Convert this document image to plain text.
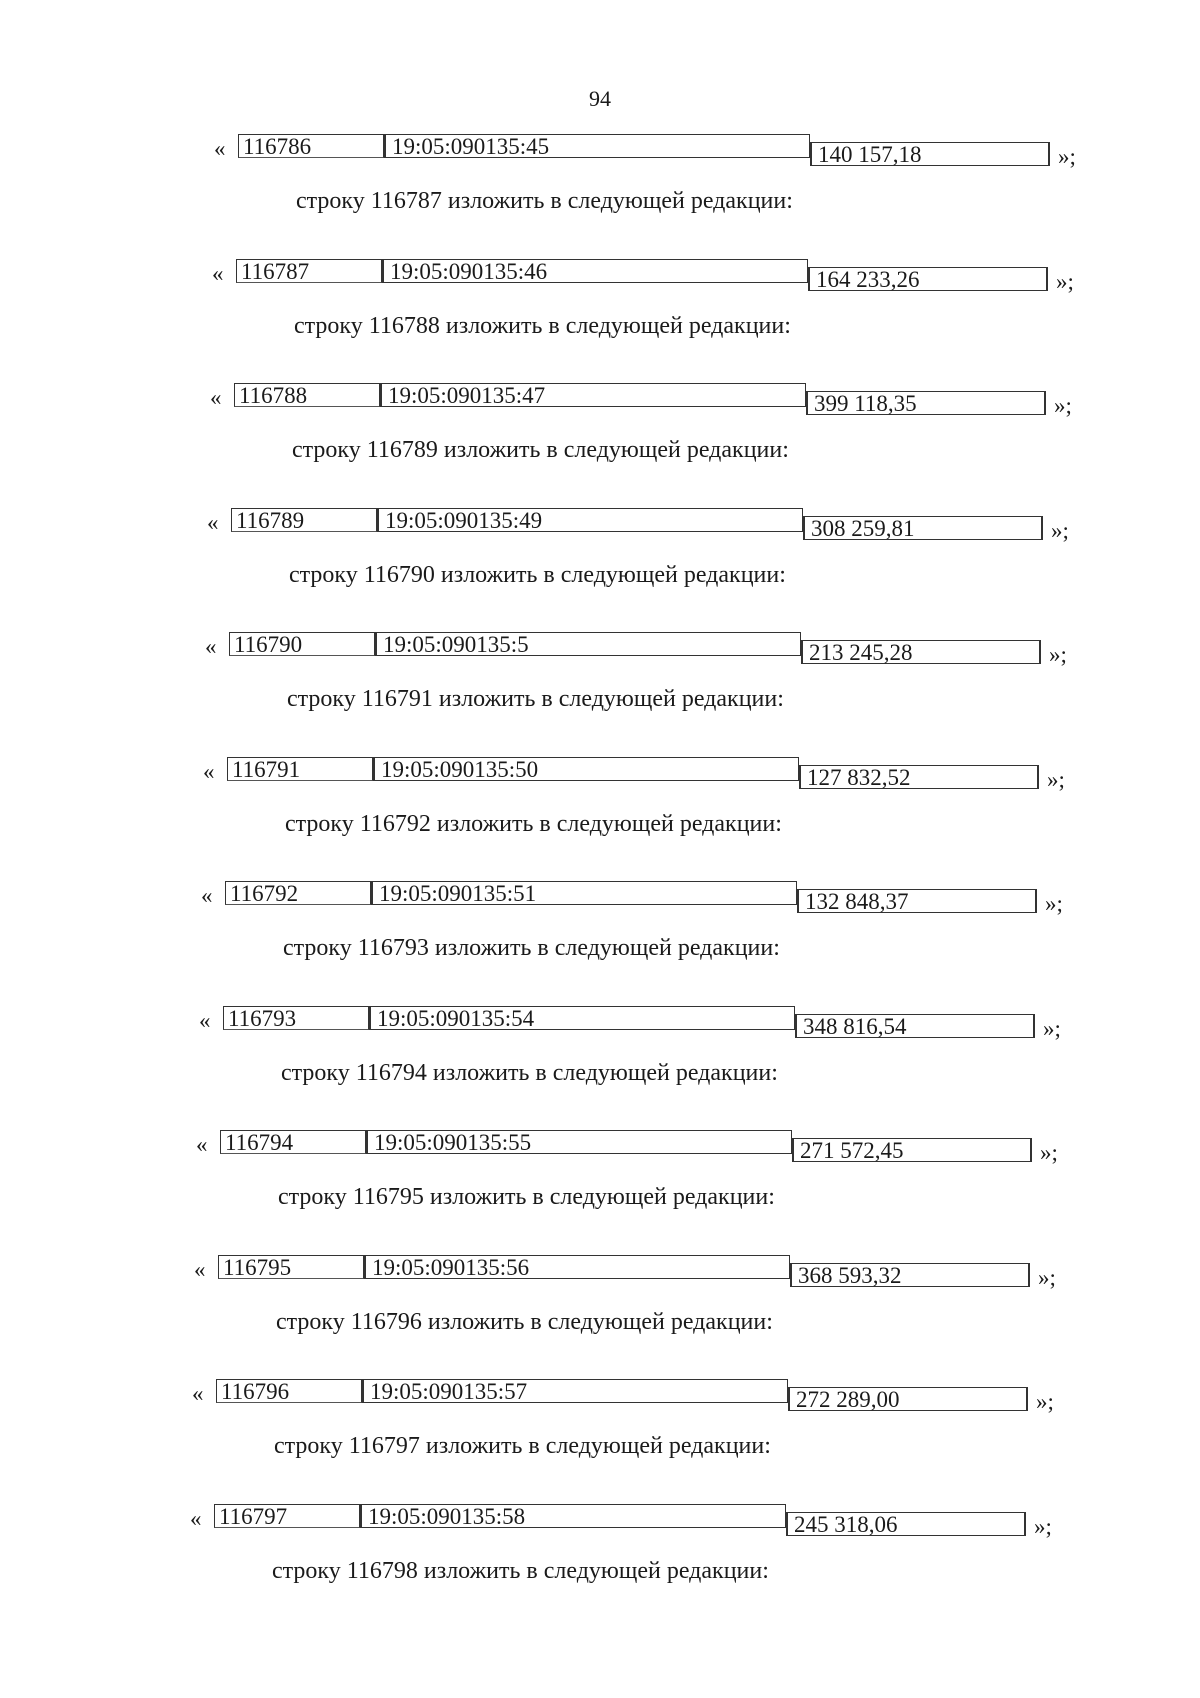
94
« 116786	19:05:090135:45	140 157,18	»;
строку 116787 изложить в следующей редакции:
« 116787	19:05:090135:46	164 233,26	»;
строку 116788 изложить в следующей редакции:
« 116788	19:05:090135:47	399 118,35	»;
строку 116789 изложить в следующей редакции:
« 116789	19:05:090135:49	308 259,81	»;
строку 116790 изложить в следующей редакции:
« 116790	19:05:090135:5	213 245,28	»;
строку 116791 изложить в следующей редакции:
« 116791	19:05:090135:50	127 832,52	»;
строку 116792 изложить в следующей редакции:
« 116792	19:05:090135:51	132 848,37	»;
строку 116793 изложить в следующей редакции:
« 116793	19:05:090135:54	348 816,54	»;
строку 116794 изложить в следующей редакции:
« 116794	19:05:090135:55	271 572,45	»;
строку 116795 изложить в следующей редакции:
« 116795	19:05:090135:56	368 593,32	»;
строку 116796 изложить в следующей редакции:
« 116796	19:05:090135:57	272 289,00	»;
строку 116797 изложить в следующей редакции:
« 116797	19:05:090135:58	245 318,06	»;
строку 116798 изложить в следующей редакции:
